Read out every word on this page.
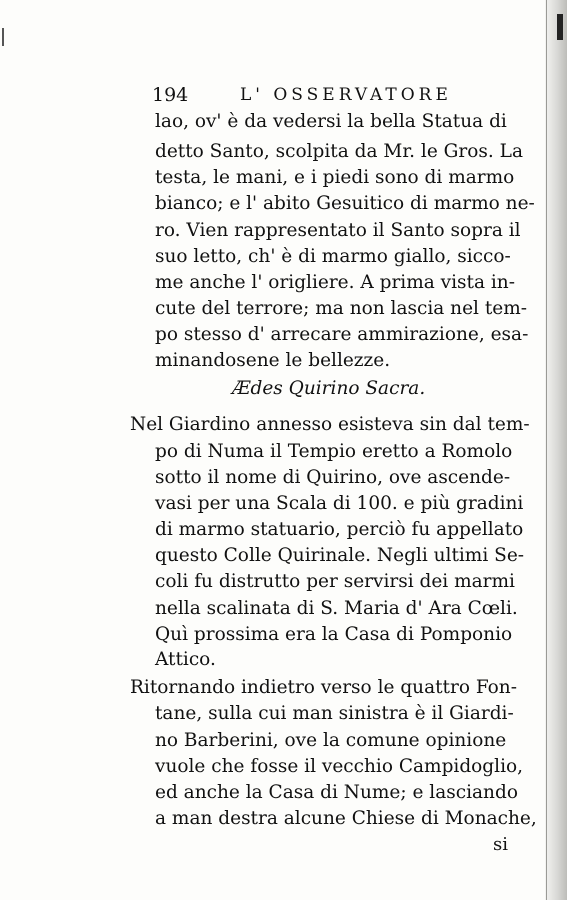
194	L' OSSERVATORE
lao, ov' è da vedersi la bella Statua di
detto Santo, scolpita da Mr. le Gros. La
testa, le mani, e i piedi sono di marmo
bianco; e l' abito Gesuitico di marmo ne-
ro. Vien rappresentato il Santo sopra il
suo letto, ch' è di marmo giallo, sicco-
me anche l' origliere. A prima vista in-
cute del terrore; ma non lascia nel tem-
po stesso d' arrecare ammirazione, esa-
minandosene le bellezze.
Ædes Quirino Sacra.
Nel Giardino annesso esisteva sin dal tem-
po di Numa il Tempio eretto a Romolo
sotto il nome di Quirino, ove ascende-
vasi per una Scala di 100. e più gradini
di marmo statuario, perciò fu appellato
questo Colle Quirinale. Negli ultimi Se-
coli fu distrutto per servirsi dei marmi
nella scalinata di S. Maria d' Ara Cœli.
Quì prossima era la Casa di Pomponio
Attico.
Ritornando indietro verso le quattro Fon-
tane, sulla cui man sinistra è il Giardi-
no Barberini, ove la comune opinione
vuole che fosse il vecchio Campidoglio,
ed anche la Casa di Nume; e lasciando
a man destra alcune Chiese di Monache,
si
